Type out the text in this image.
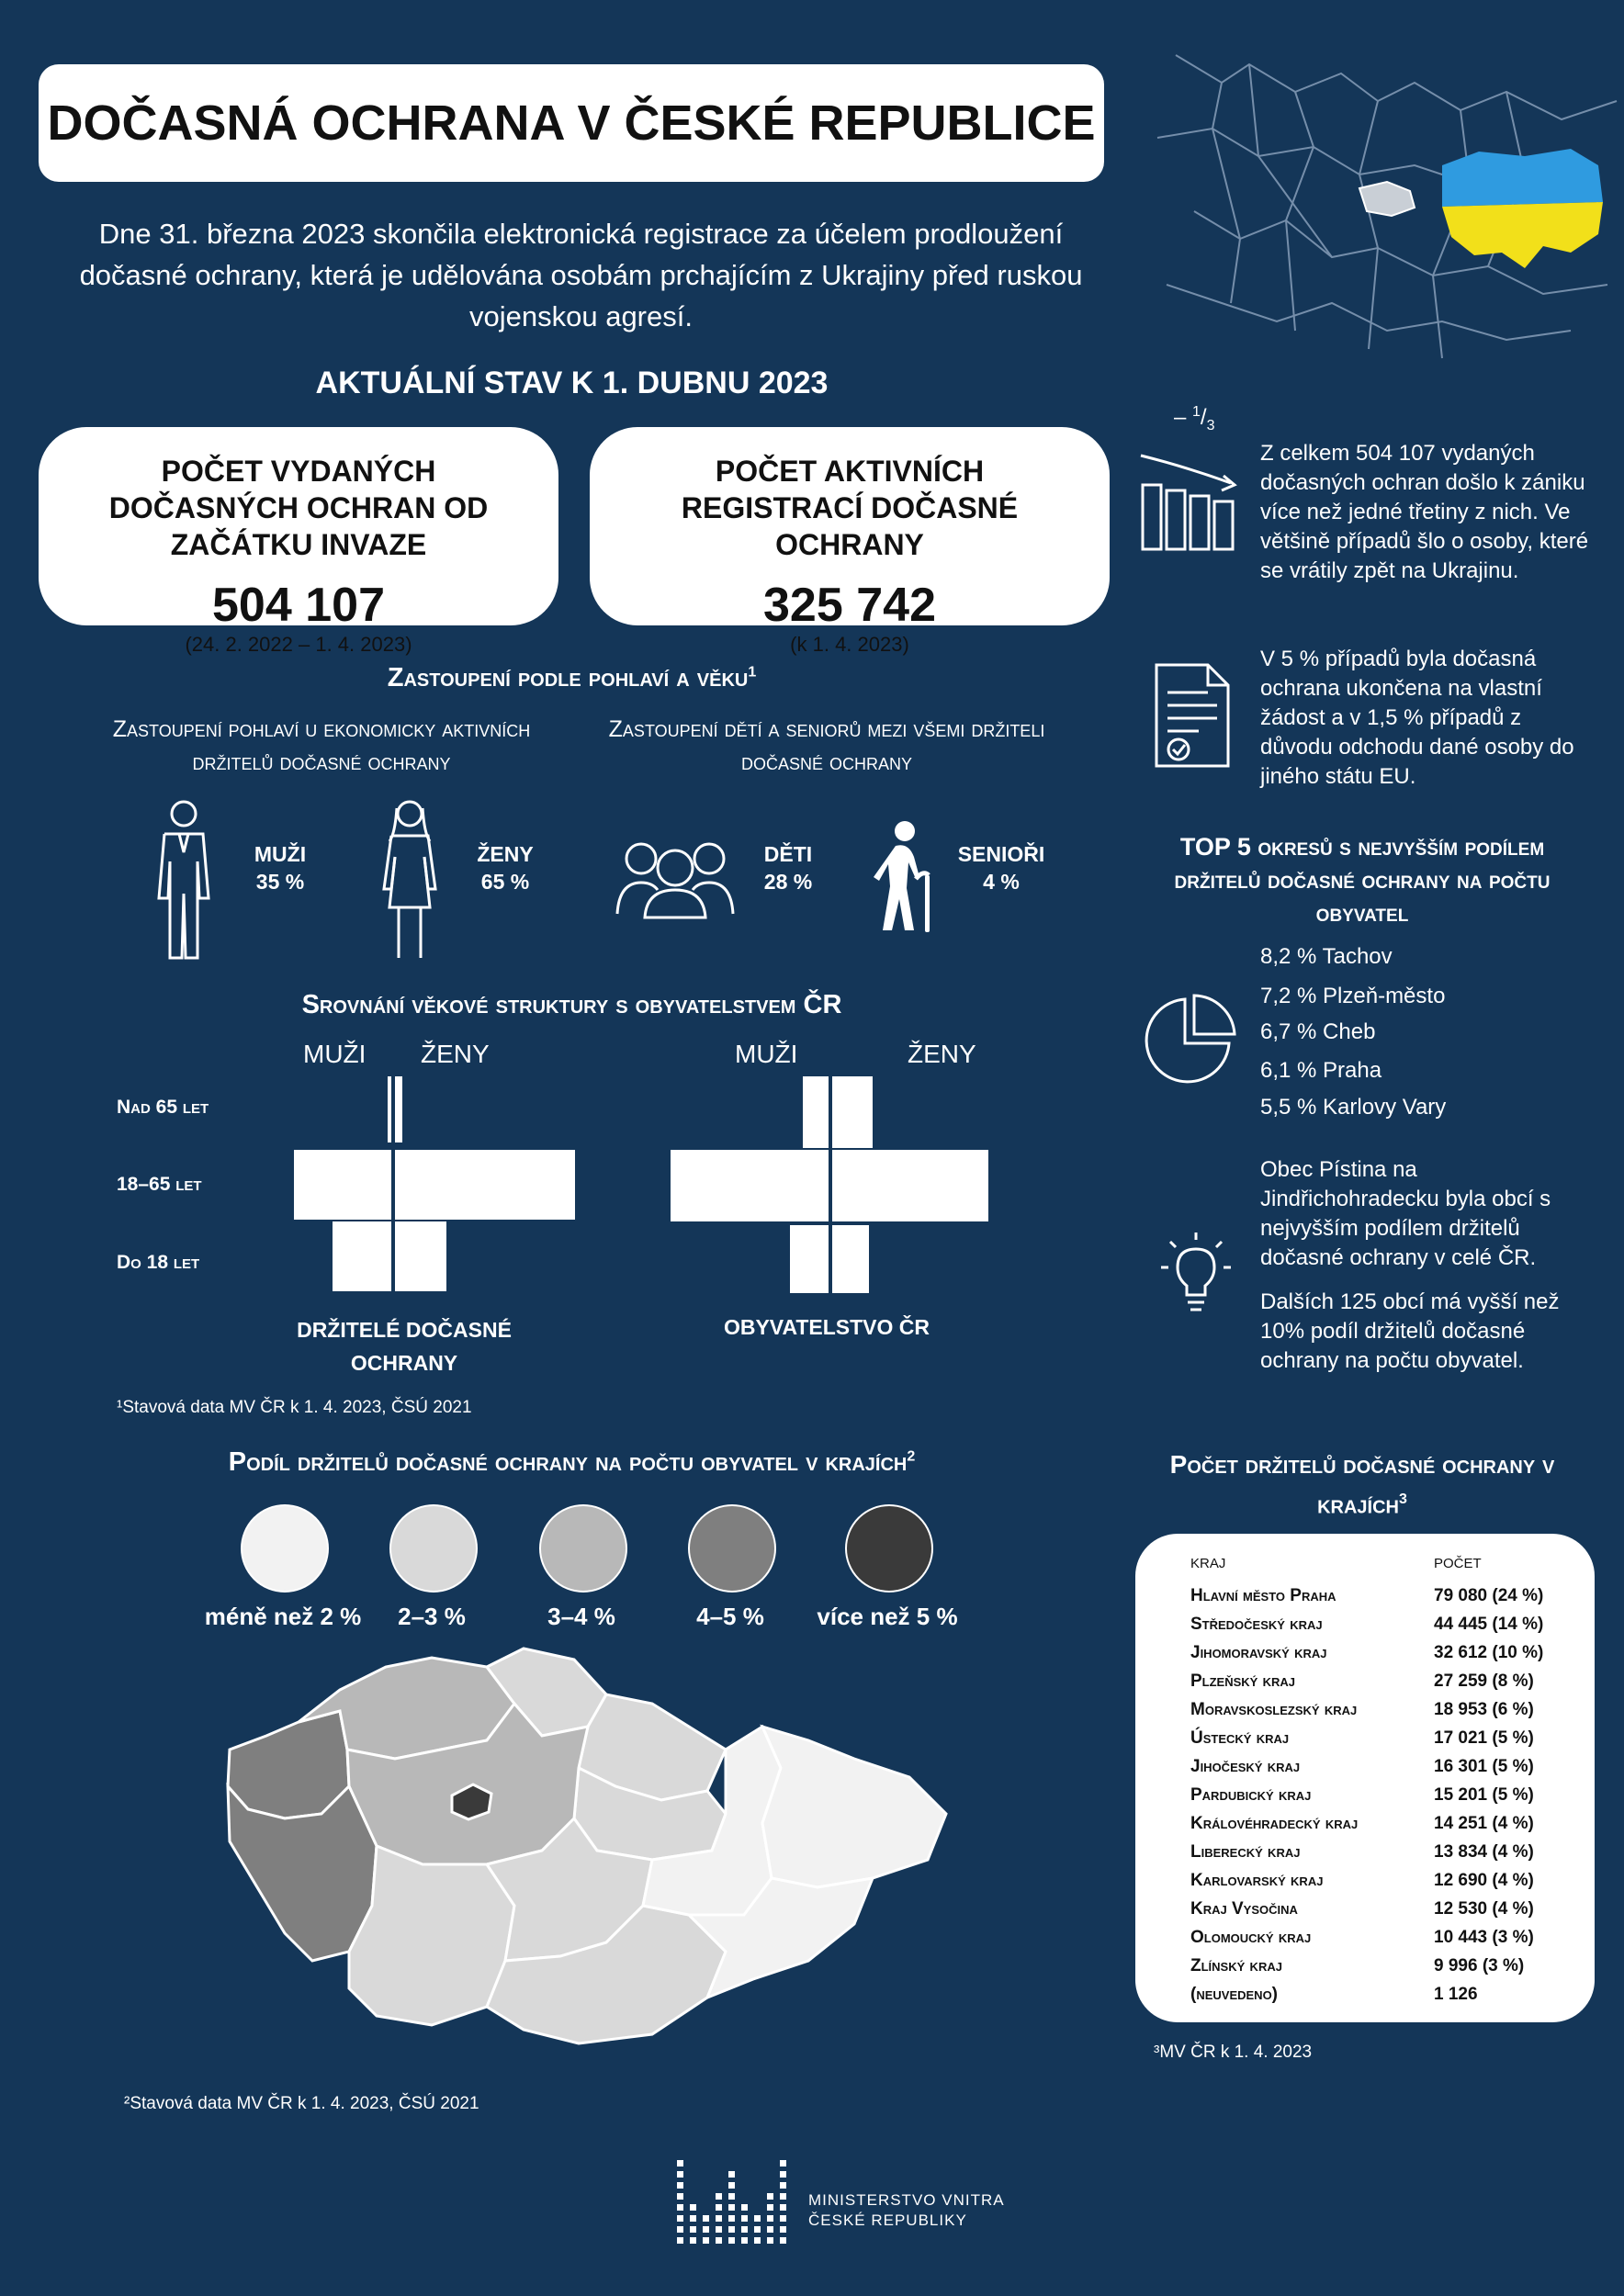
DOČASNÁ OCHRANA V ČESKÉ REPUBLICE
Dne 31. března 2023 skončila elektronická registrace za účelem prodloužení dočasné ochrany, která je udělována osobám prchajícím z Ukrajiny před ruskou vojenskou agresí.
AKTUÁLNÍ STAV K 1. DUBNU 2023
POČET VYDANÝCH DOČASNÝCH OCHRAN OD ZAČÁTKU INVAZE
504 107
(24. 2. 2022 – 1. 4. 2023)
POČET AKTIVNÍCH REGISTRACÍ DOČASNÉ OCHRANY
325 742
(k 1. 4. 2023)
Zastoupení podle pohlaví a věku$^1$
Zastoupení pohlaví u ekonomicky aktivních držitelů dočasné ochrany
Zastoupení dětí a seniorů mezi všemi držiteli dočasné ochrany
MUŽI
35 %
ŽENY
65 %
DĚTI
28 %
SENIOŘI
4 %
Srovnání věkové struktury s obyvatelstvem ČR
MUŽI ŽENY	MUŽI	ŽENY
Nad 65 let
18–65 let
Do 18 let
DRŽITELÉ DOČASNÉ OCHRANY
OBYVATELSTVO ČR
¹Stavová data MV ČR k 1. 4. 2023, ČSÚ 2021
Podíl držitelů dočasné ochrany na počtu obyvatel v krajích$^2$
méně než 2 %	2–3 %	3–4 %	4–5 %	více než 5 %
²Stavová data MV ČR k 1. 4. 2023, ČSÚ 2021
– $^1/_3$
Z celkem 504 107 vydaných dočasných ochran došlo k zániku více než jedné třetiny z nich. Ve většině případů šlo o osoby, které se vrátily zpět na Ukrajinu.
V 5 % případů byla dočasná ochrana ukončena na vlastní žádost a v 1,5 % případů z důvodu odchodu dané osoby do jiného státu EU.
TOP 5 okresů s nejvyšším podílem držitelů dočasné ochrany na počtu obyvatel
8,2 % Tachov
7,2 % Plzeň-město
6,7 % Cheb
6,1 % Praha
5,5 % Karlovy Vary
Obec Pístina na Jindřichohradecku byla obcí s nejvyšším podílem držitelů dočasné ochrany v celé ČR.
Dalších 125 obcí má vyšší než 10% podíl držitelů dočasné ochrany na počtu obyvatel.
Počet držitelů dočasné ochrany v krajích$^3$
KRAJ	POČET
Hlavní město Praha	79 080 (24 %)
Středočeský kraj	44 445 (14 %)
Jihomoravský kraj	32 612 (10 %)
Plzeňský kraj	27 259 (8 %)
Moravskoslezský kraj	18 953 (6 %)
Ústecký kraj	17 021 (5 %)
Jihočeský kraj	16 301 (5 %)
Pardubický kraj	15 201 (5 %)
Královéhradecký kraj	14 251 (4 %)
Liberecký kraj	13 834 (4 %)
Karlovarský kraj	12 690 (4 %)
Kraj Vysočina	12 530 (4 %)
Olomoucký kraj	10 443 (3 %)
Zlínský kraj	9 996 (3 %)
(neuvedeno)	1 126
³MV ČR k 1. 4. 2023
MINISTERSTVO VNITRA
ČESKÉ REPUBLIKY
